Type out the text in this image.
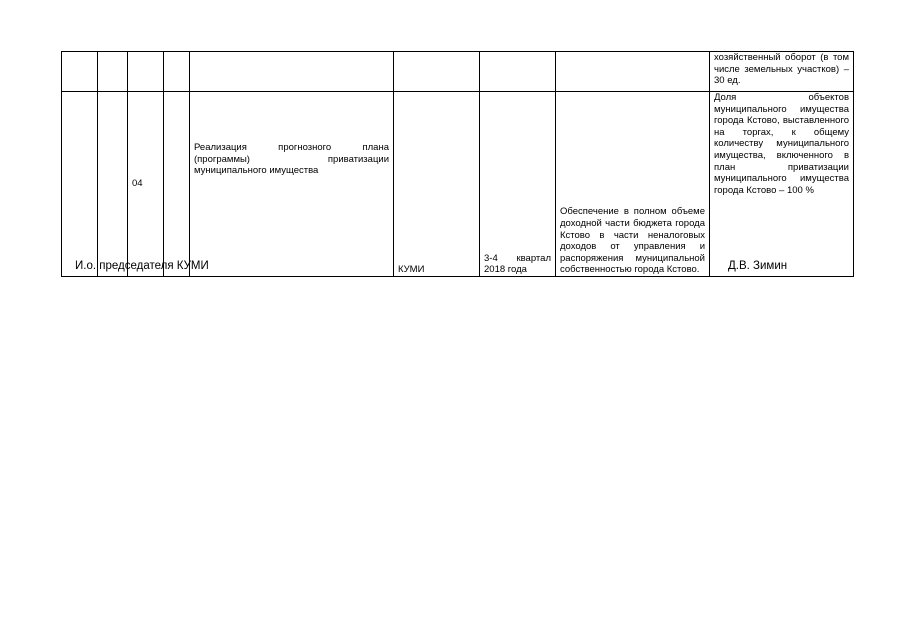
								хозяйственный оборот (в том числе земельных участков) – 30 ед.
		04		Реализация прогнозного плана (программы) приватизации муниципального имущества	КУМИ	3-4 квартал 2018 года	Обеспечение в полном объеме доходной части бюджета города Кстово в части неналоговых доходов от управления и распоряжения муниципальной собственностью города Кстово.	Доля объектов муниципального имущества города Кстово, выставленного на торгах, к общему количеству муниципального имущества, включенного в план приватизации муниципального имущества города Кстово – 100 %
И.о. председателя КУМИ	Д.В. Зимин
